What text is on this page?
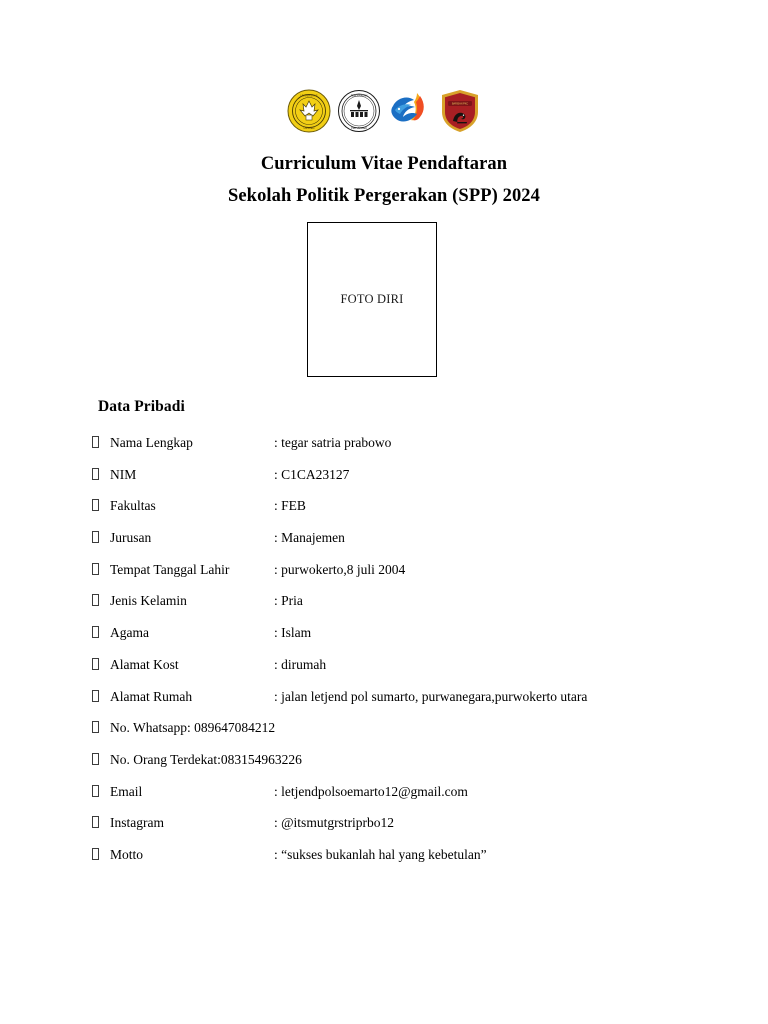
UNIVERSITAS
UNSOED
PERGERAKAN
PMII UNSOED
BARISAN PKC
Curriculum Vitae Pendaftaran
Sekolah Politik Pergerakan (SPP) 2024
FOTO DIRI
Data Pribadi
Nama Lengkap	: tegar satria prabowo
NIM	: C1CA23127
Fakultas	: FEB
Jurusan	: Manajemen
Tempat Tanggal Lahir	: purwokerto,8 juli 2004
Jenis Kelamin	: Pria
Agama	: Islam
Alamat Kost	: dirumah
Alamat Rumah	: jalan letjend pol sumarto, purwanegara,purwokerto utara
No. Whatsapp: 089647084212
No. Orang Terdekat:083154963226
Email	: letjendpolsoemarto12@gmail.com
Instagram	: @itsmutgrstriprbo12
Motto	: “sukses bukanlah hal yang kebetulan”
